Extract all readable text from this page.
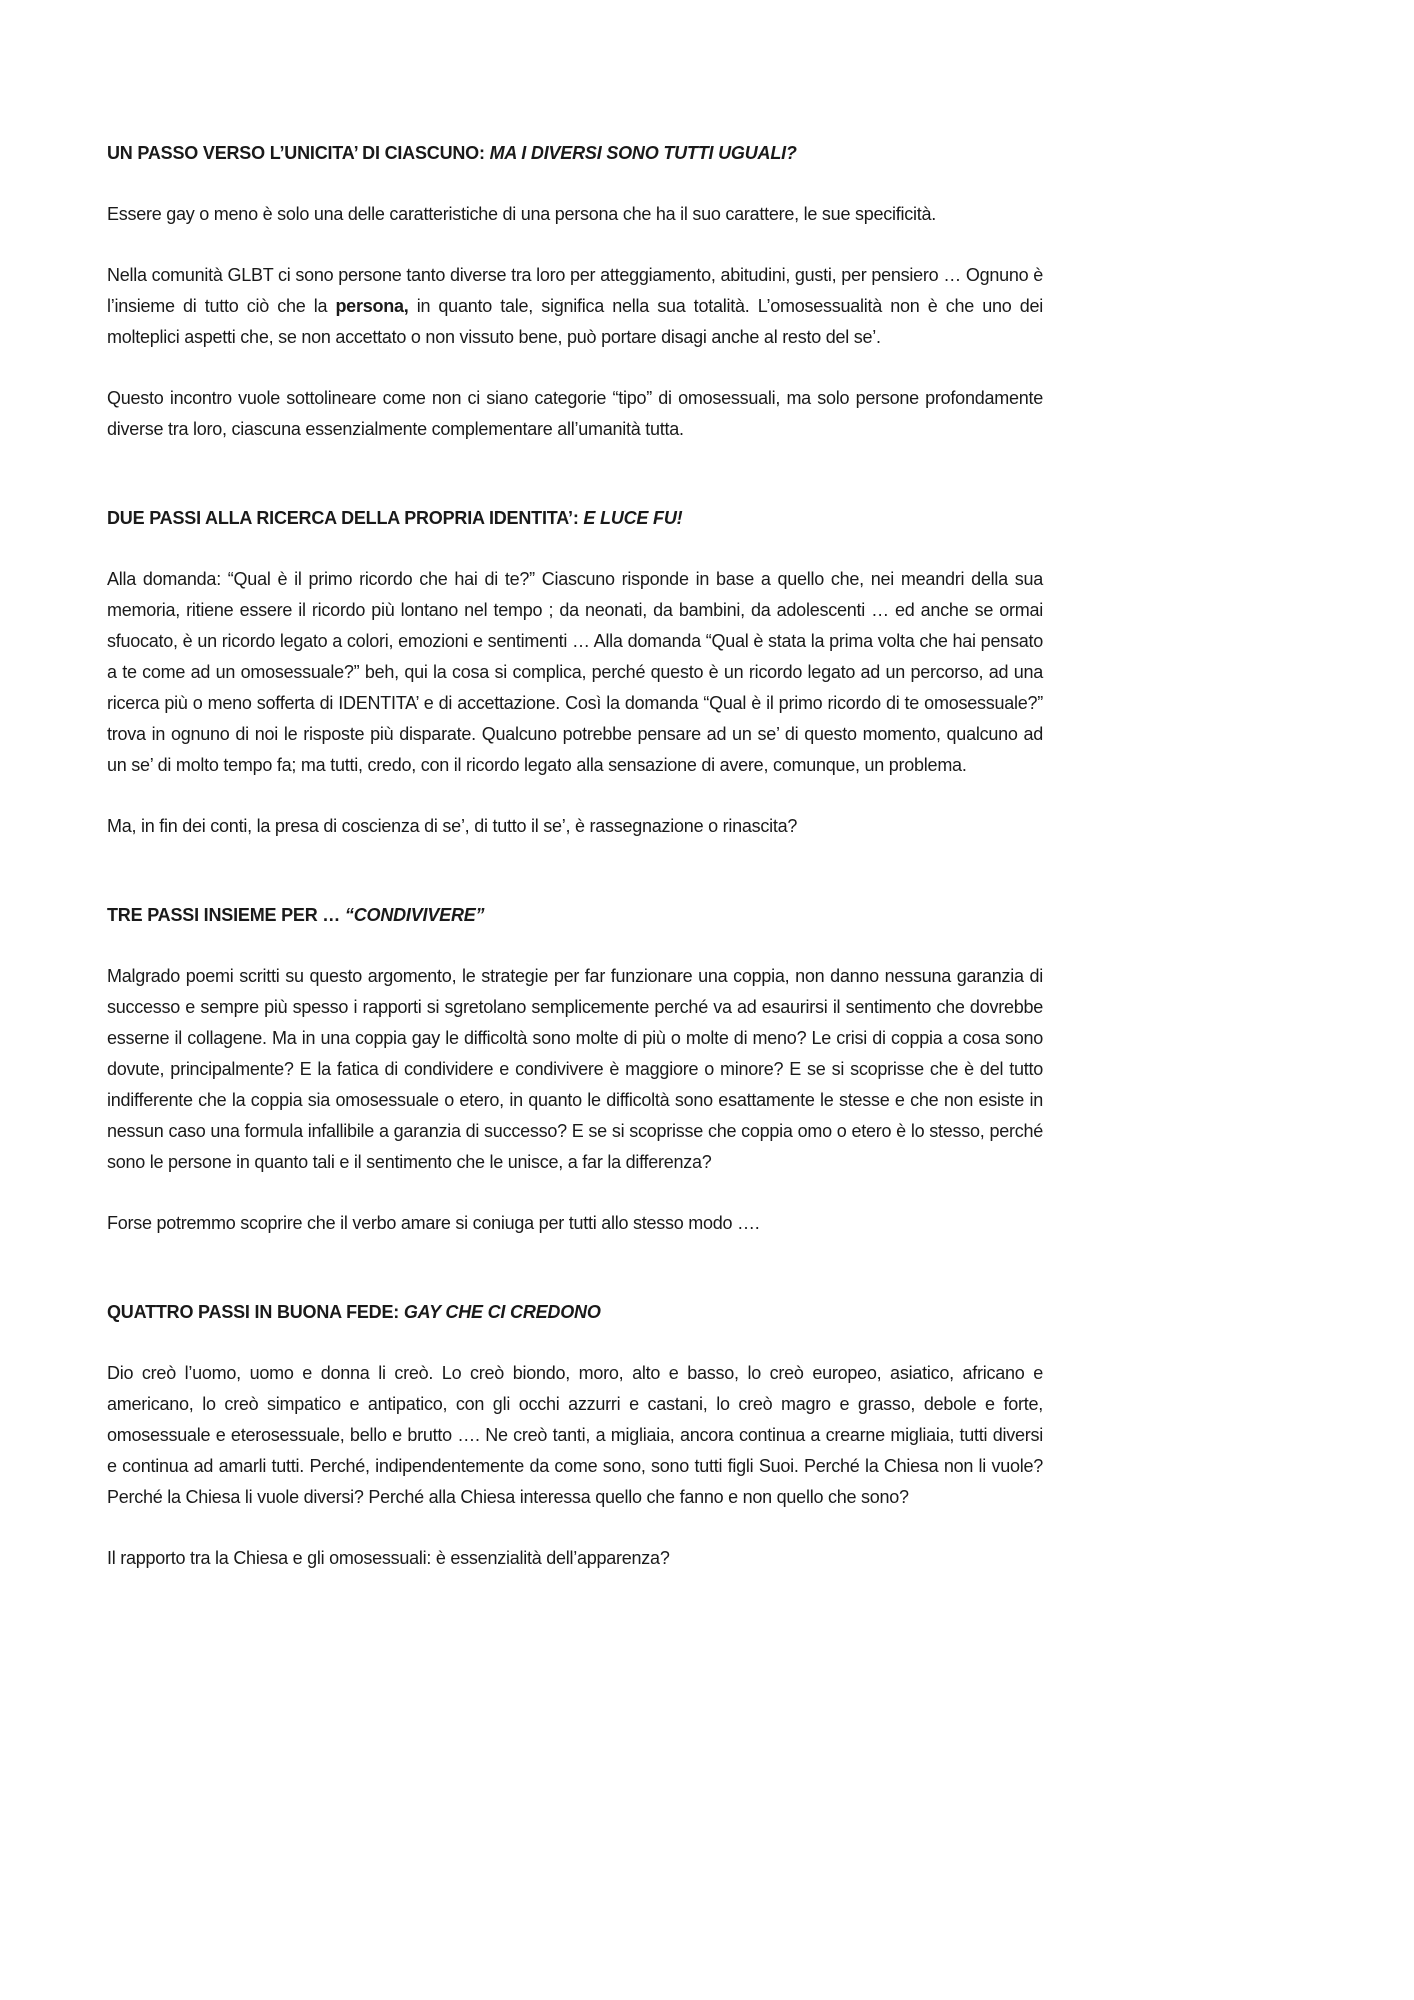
UN PASSO VERSO L’UNICITA’ DI CIASCUNO: MA I DIVERSI SONO TUTTI UGUALI?

Essere gay o meno è solo una delle caratteristiche di una persona che ha il suo carattere, le sue specificità.

Nella comunità GLBT ci sono persone tanto diverse tra loro per atteggiamento, abitudini, gusti, per pensiero … Ognuno è l’insieme di tutto ciò che la persona, in quanto tale, significa nella sua totalità. L’omosessualità non è che uno dei molteplici aspetti che, se non accettato o non vissuto bene, può portare disagi anche al resto del se’.

Questo incontro vuole sottolineare come non ci siano categorie “tipo” di omosessuali, ma solo persone profondamente diverse tra loro, ciascuna essenzialmente complementare all’umanità tutta.

DUE PASSI ALLA RICERCA DELLA PROPRIA IDENTITA’: E LUCE FU!

Alla domanda: “Qual è il primo ricordo che hai di te?” Ciascuno risponde in base a quello che, nei meandri della sua memoria, ritiene essere il ricordo più lontano nel tempo ; da neonati, da bambini, da adolescenti … ed anche se ormai sfuocato, è un ricordo legato a colori, emozioni e sentimenti … Alla domanda “Qual è stata la prima volta che hai pensato a te come ad un omosessuale?” beh, qui la cosa si complica, perché questo è un ricordo legato ad un percorso, ad una ricerca più o meno sofferta di IDENTITA’ e di accettazione. Così la domanda “Qual è il primo ricordo di te omosessuale?” trova in ognuno di noi le risposte più disparate. Qualcuno potrebbe pensare ad un se’ di questo momento, qualcuno ad un se’ di molto tempo fa; ma tutti, credo, con il ricordo legato alla sensazione di avere, comunque, un problema.

Ma, in fin dei conti, la presa di coscienza di se’, di tutto il se’, è rassegnazione o rinascita?

TRE PASSI INSIEME PER … “CONDIVIVERE”

Malgrado poemi scritti su questo argomento, le strategie per far funzionare una coppia, non danno nessuna garanzia di successo e sempre più spesso i rapporti si sgretolano semplicemente perché va ad esaurirsi il sentimento che dovrebbe esserne il collagene. Ma in una coppia gay le difficoltà sono molte di più o molte di meno? Le crisi di coppia a cosa sono dovute, principalmente? E la fatica di condividere e condivivere è maggiore o minore? E se si scoprisse che è del tutto indifferente che la coppia sia omosessuale o etero, in quanto le difficoltà sono esattamente le stesse e che non esiste in nessun caso una formula infallibile a garanzia di successo? E se si scoprisse che coppia omo o etero è lo stesso, perché sono le persone in quanto tali e il sentimento che le unisce, a far la differenza?

Forse potremmo scoprire che il verbo amare si coniuga per tutti allo stesso modo ….

QUATTRO PASSI IN BUONA FEDE: GAY CHE CI CREDONO

Dio creò l’uomo, uomo e donna li creò. Lo creò biondo, moro, alto e basso, lo creò europeo, asiatico, africano e americano, lo creò simpatico e antipatico, con gli occhi azzurri e castani, lo creò magro e grasso, debole e forte, omosessuale e eterosessuale, bello e brutto …. Ne creò tanti, a migliaia, ancora continua a crearne migliaia, tutti diversi e continua ad amarli tutti. Perché, indipendentemente da come sono, sono tutti figli Suoi. Perché la Chiesa non li vuole? Perché la Chiesa li vuole diversi? Perché alla Chiesa interessa quello che fanno e non quello che sono?

Il rapporto tra la Chiesa e gli omosessuali: è essenzialità dell’apparenza?
